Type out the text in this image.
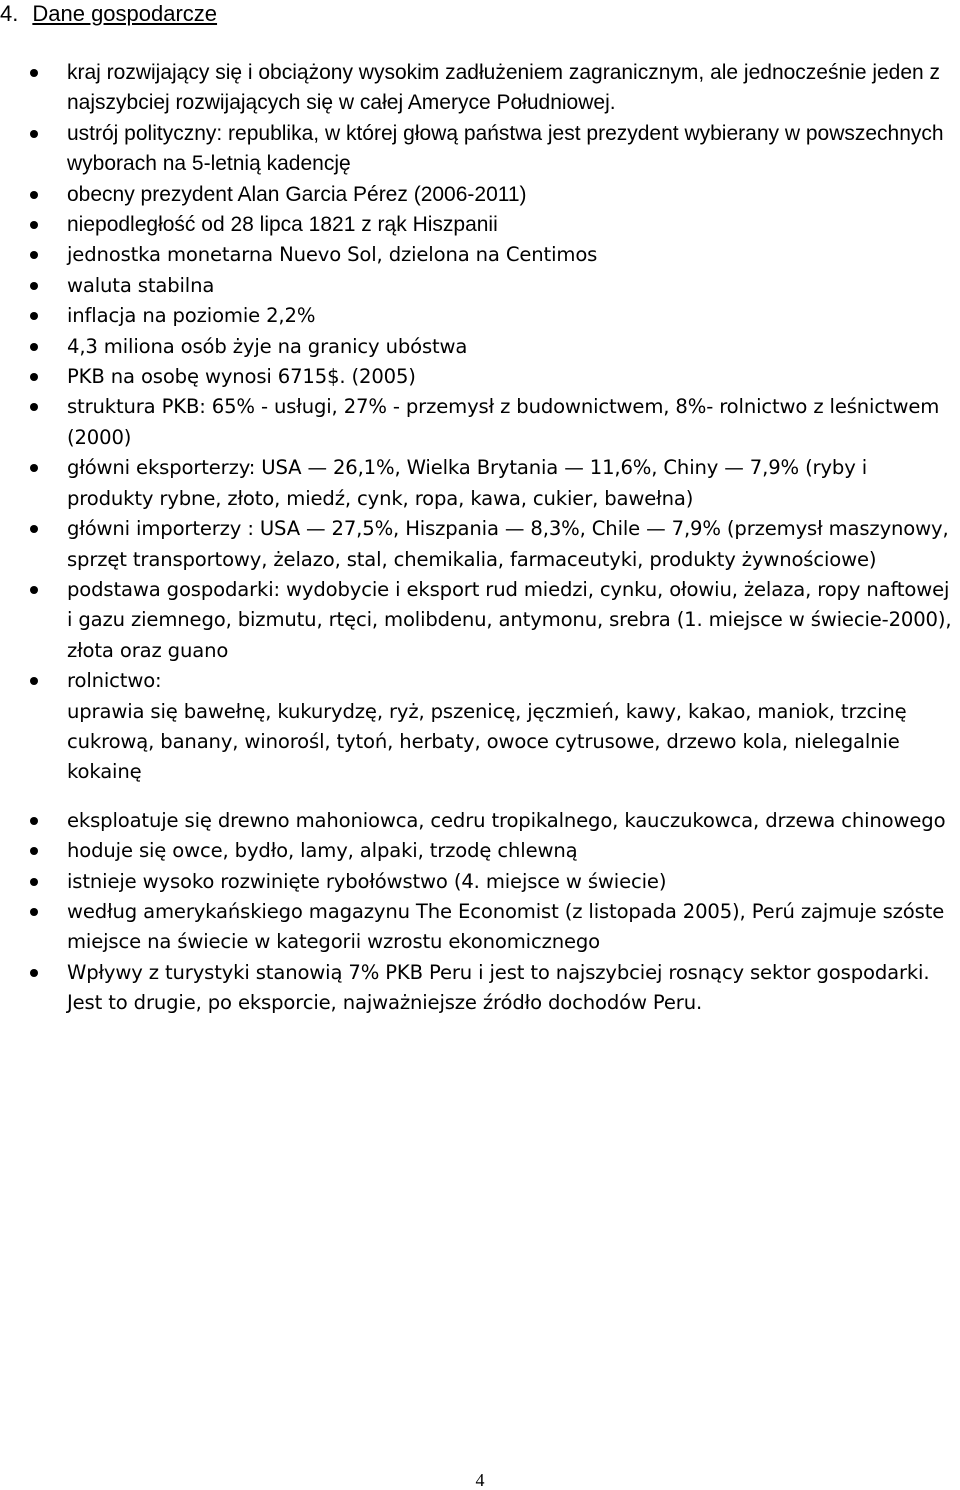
4. Dane gospodarcze

kraj rozwijający się i obciążony wysokim zadłużeniem zagranicznym, ale jednocześnie jeden z najszybciej rozwijających się w całej Ameryce Południowej.

ustrój polityczny: republika, w której głową państwa jest prezydent wybierany w powszechnych wyborach na 5-letnią kadencję

obecny prezydent Alan Garcia Pérez (2006-2011)

niepodległość od 28 lipca 1821 z rąk Hiszpanii

jednostka monetarna Nuevo Sol, dzielona na Centimos

waluta stabilna

inflacja na poziomie 2,2%

4,3 miliona osób żyje na granicy ubóstwa

PKB na osobę wynosi 6715$. (2005)

struktura PKB: 65% - usługi, 27% - przemysł z budownictwem, 8%- rolnictwo z leśnictwem (2000)

główni eksporterzy: USA — 26,1%, Wielka Brytania — 11,6%, Chiny — 7,9% (ryby i produkty rybne, złoto, miedź, cynk, ropa, kawa, cukier, bawełna)

główni importerzy : USA — 27,5%, Hiszpania — 8,3%, Chile — 7,9% (przemysł maszynowy, sprzęt transportowy, żelazo, stal, chemikalia, farmaceutyki, produkty żywnościowe)

podstawa gospodarki: wydobycie i eksport rud miedzi, cynku, ołowiu, żelaza, ropy naftowej i gazu ziemnego, bizmutu, rtęci, molibdenu, antymonu, srebra (1. miejsce w świecie-2000), złota oraz guano

rolnictwo:

uprawia się bawełnę, kukurydzę, ryż, pszenicę, jęczmień, kawy, kakao, maniok, trzcinę cukrową, banany, winorośl, tytoń, herbaty, owoce cytrusowe, drzewo kola, nielegalnie kokainę

eksploatuje się drewno mahoniowca, cedru tropikalnego, kauczukowca, drzewa chinowego

hoduje się owce, bydło, lamy, alpaki, trzodę chlewną

istnieje wysoko rozwinięte rybołówstwo (4. miejsce w świecie)

według amerykańskiego magazynu The Economist (z listopada 2005), Perú zajmuje szóste miejsce na świecie w kategorii wzrostu ekonomicznego

Wpływy z turystyki stanowią 7% PKB Peru i jest to najszybciej rosnący sektor gospodarki. Jest to drugie, po eksporcie, najważniejsze źródło dochodów Peru.

4
